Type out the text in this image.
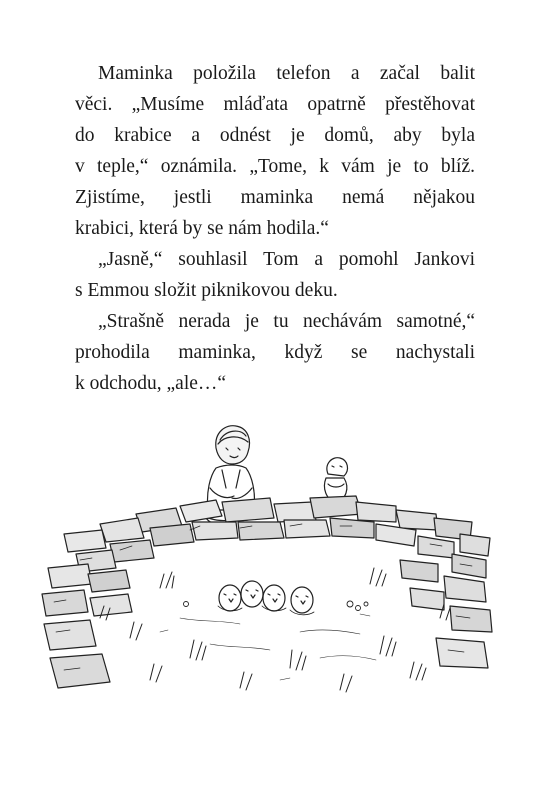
Maminka položila telefon a začal balit
věci. „Musíme mláďata opatrně přestěhovat
do krabice a odnést je domů, aby byla
v teple,“ oznámila. „Tome, k vám je to blíž.
Zjistíme, jestli maminka nemá nějakou
krabici, která by se nám hodila.“
„Jasně,“ souhlasil Tom a pomohl Jankovi
s Emmou složit piknikovou deku.
„Strašně nerada je tu nechávám samotné,“
prohodila maminka, když se nachystali
k odchodu, „ale…“
